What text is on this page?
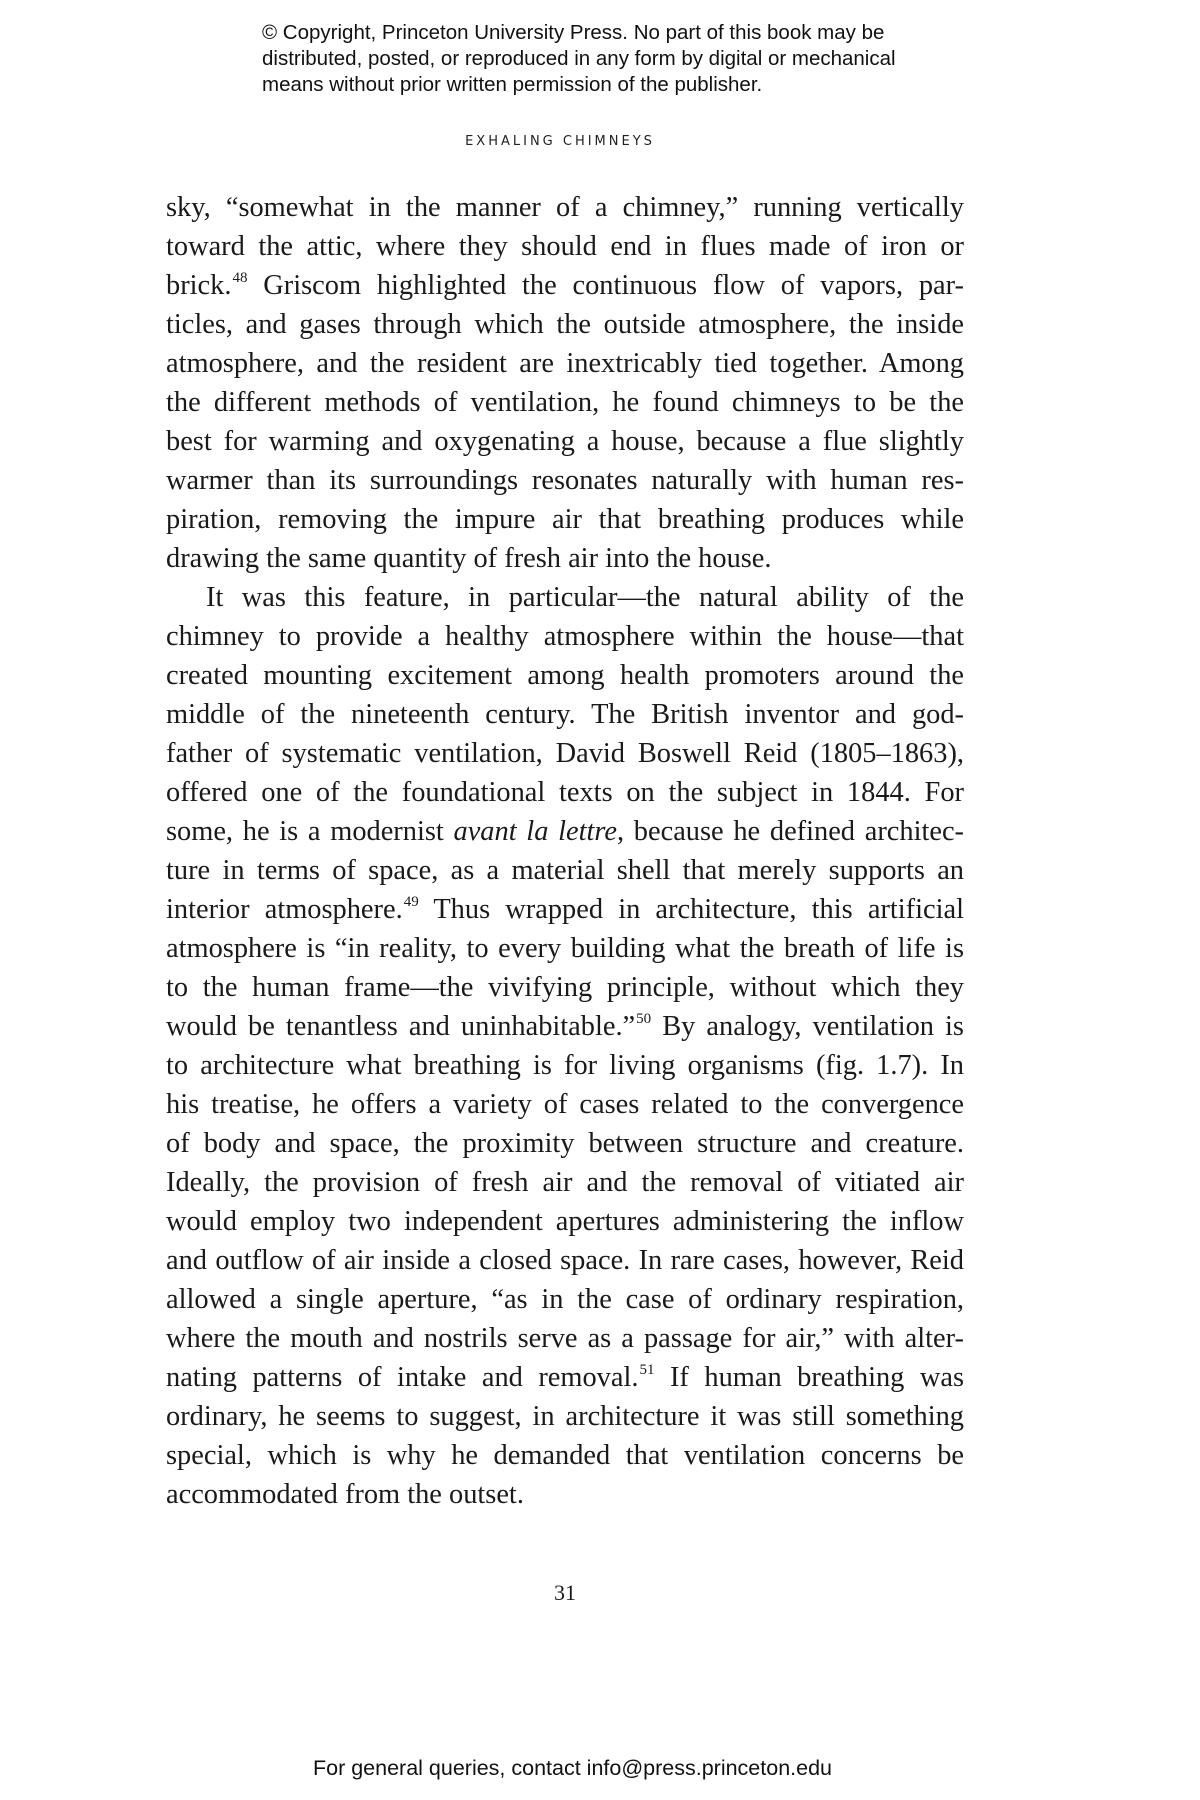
© Copyright, Princeton University Press. No part of this book may be
distributed, posted, or reproduced in any form by digital or mechanical
means without prior written permission of the publisher.
EXHALING CHIMNEYS
sky, “somewhat in the manner of a chimney,” running vertically
toward the attic, where they should end in flues made of iron or
brick.$^{48}$ Griscom highlighted the continuous flow of vapors, par-
ticles, and gases through which the outside atmosphere, the inside
atmosphere, and the resident are inextricably tied together. Among
the different methods of ventilation, he found chimneys to be the
best for warming and oxygenating a house, because a flue slightly
warmer than its surroundings resonates naturally with human res-
piration, removing the impure air that breathing produces while
drawing the same quantity of fresh air into the house.
It was this feature, in particular—the natural ability of the
chimney to provide a healthy atmosphere within the house—that
created mounting excitement among health promoters around the
middle of the nineteenth century. The British inventor and god-
father of systematic ventilation, David Boswell Reid (1805–1863),
offered one of the foundational texts on the subject in 1844. For
some, he is a modernist avant la lettre, because he defined architec-
ture in terms of space, as a material shell that merely supports an
interior atmosphere.$^{49}$ Thus wrapped in architecture, this artificial
atmosphere is “in reality, to every building what the breath of life is
to the human frame—the vivifying principle, without which they
would be tenantless and uninhabitable.”$^{50}$ By analogy, ventilation is
to architecture what breathing is for living organisms (fig. 1.7). In
his treatise, he offers a variety of cases related to the convergence
of body and space, the proximity between structure and creature.
Ideally, the provision of fresh air and the removal of vitiated air
would employ two independent apertures administering the inflow
and outflow of air inside a closed space. In rare cases, however, Reid
allowed a single aperture, “as in the case of ordinary respiration,
where the mouth and nostrils serve as a passage for air,” with alter-
nating patterns of intake and removal.$^{51}$ If human breathing was
ordinary, he seems to suggest, in architecture it was still something
special, which is why he demanded that ventilation concerns be
accommodated from the outset.
31
For general queries, contact info@press.princeton.edu
